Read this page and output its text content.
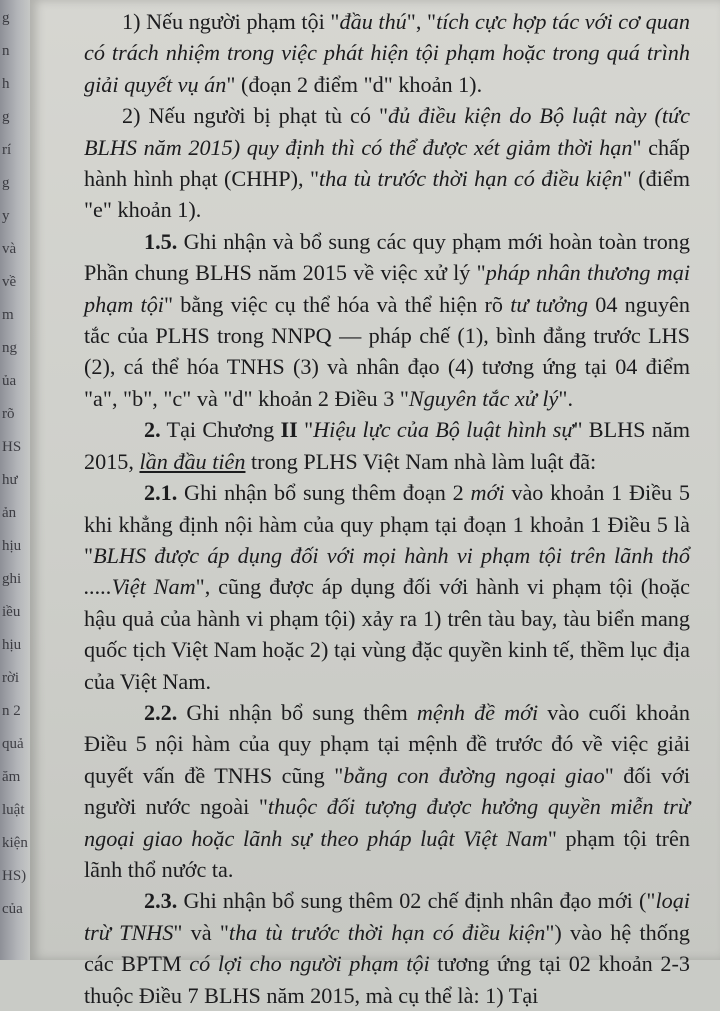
g
n
h
g
rí
g
y
và
về
m
ng
ủa
rõ
HS
hư
ản
hịu
ghi
iều
hịu
rời
n 2
quả
ăm
luật
kiện
HS)
của

1) Nếu người phạm tội "đầu thú", "tích cực hợp tác với cơ quan có trách nhiệm trong việc phát hiện tội phạm hoặc trong quá trình giải quyết vụ án" (đoạn 2 điểm "d" khoản 1).

2) Nếu người bị phạt tù có "đủ điều kiện do Bộ luật này (tức BLHS năm 2015) quy định thì có thể được xét giảm thời hạn" chấp hành hình phạt (CHHP), "tha tù trước thời hạn có điều kiện" (điểm "e" khoản 1).

1.5. Ghi nhận và bổ sung các quy phạm mới hoàn toàn trong Phần chung BLHS năm 2015 về việc xử lý "pháp nhân thương mại phạm tội" bằng việc cụ thể hóa và thể hiện rõ tư tưởng 04 nguyên tắc của PLHS trong NNPQ — pháp chế (1), bình đẳng trước LHS (2), cá thể hóa TNHS (3) và nhân đạo (4) tương ứng tại 04 điểm "a", "b", "c" và "d" khoản 2 Điều 3 "Nguyên tắc xử lý".

2. Tại Chương II "Hiệu lực của Bộ luật hình sự" BLHS năm 2015, lần đầu tiên trong PLHS Việt Nam nhà làm luật đã:

2.1. Ghi nhận bổ sung thêm đoạn 2 mới vào khoản 1 Điều 5 khi khẳng định nội hàm của quy phạm tại đoạn 1 khoản 1 Điều 5 là "BLHS được áp dụng đối với mọi hành vi phạm tội trên lãnh thổ .....Việt Nam", cũng được áp dụng đối với hành vi phạm tội (hoặc hậu quả của hành vi phạm tội) xảy ra 1) trên tàu bay, tàu biển mang quốc tịch Việt Nam hoặc 2) tại vùng đặc quyền kinh tế, thềm lục địa của Việt Nam.

2.2. Ghi nhận bổ sung thêm mệnh đề mới vào cuối khoản Điều 5 nội hàm của quy phạm tại mệnh đề trước đó về việc giải quyết vấn đề TNHS cũng "bằng con đường ngoại giao" đối với người nước ngoài "thuộc đối tượng được hưởng quyền miễn trừ ngoại giao hoặc lãnh sự theo pháp luật Việt Nam" phạm tội trên lãnh thổ nước ta.

2.3. Ghi nhận bổ sung thêm 02 chế định nhân đạo mới ("loại trừ TNHS" và "tha tù trước thời hạn có điều kiện") vào hệ thống các BPTM có lợi cho người phạm tội tương ứng tại 02 khoản 2-3 thuộc Điều 7 BLHS năm 2015, mà cụ thể là: 1) Tại
